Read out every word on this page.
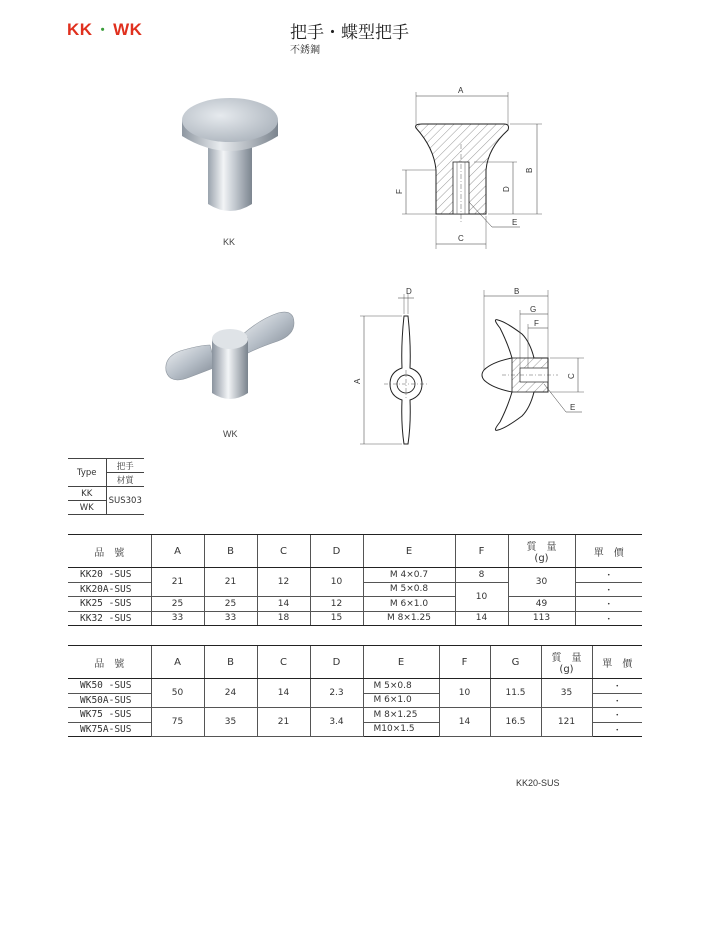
KK ・ WK	把手・蝶型把手
不銹鋼
KK
A
B
D
F
C
E
WK
D
A
B
G
F
C
E
Type	把手
	材質
KK	SUS303
WK	
品　號	A	B	C	D	E	F	質　量
(g)	單　價
KK20 -SUS	21	21	12	10	M 4×0.7	8	30	・
KK20A-SUS					M 5×0.8	10		・
KK25 -SUS	25	25	14	12	M 6×1.0		49	・
KK32 -SUS	33	33	18	15	M 8×1.25	14	113	・
品　號	A	B	C	D	E	F	G	質　量
(g)	單　價
WK50 -SUS	50	24	14	2.3	M 5×0.8	10	11.5	35	・
WK50A-SUS					M 6×1.0				・
WK75 -SUS	75	35	21	3.4	M 8×1.25	14	16.5	121	・
WK75A-SUS					M10×1.5				・
KK20-SUS
